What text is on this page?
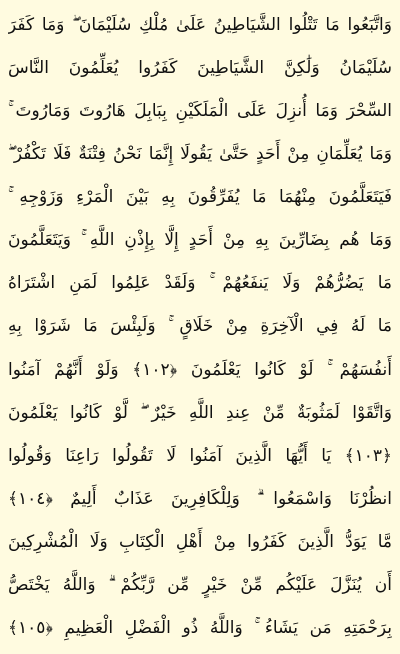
وَاتَّبَعُوا مَا تَتْلُوا الشَّيَاطِينُ عَلَىٰ مُلْكِ سُلَيْمَانَ ۖ وَمَا كَفَرَ
سُلَيْمَانُ وَلَٰكِنَّ الشَّيَاطِينَ كَفَرُوا يُعَلِّمُونَ النَّاسَ
السِّحْرَ وَمَا أُنزِلَ عَلَى الْمَلَكَيْنِ بِبَابِلَ هَارُوتَ وَمَارُوتَ ۚ
وَمَا يُعَلِّمَانِ مِنْ أَحَدٍ حَتَّىٰ يَقُولَا إِنَّمَا نَحْنُ فِتْنَةٌ فَلَا تَكْفُرْ ۖ
فَيَتَعَلَّمُونَ مِنْهُمَا مَا يُفَرِّقُونَ بِهِ بَيْنَ الْمَرْءِ وَزَوْجِهِ ۚ
وَمَا هُم بِضَارِّينَ بِهِ مِنْ أَحَدٍ إِلَّا بِإِذْنِ اللَّهِ ۚ وَيَتَعَلَّمُونَ
مَا يَضُرُّهُمْ وَلَا يَنفَعُهُمْ ۚ وَلَقَدْ عَلِمُوا لَمَنِ اشْتَرَاهُ
مَا لَهُ فِي الْآخِرَةِ مِنْ خَلَاقٍ ۚ وَلَبِئْسَ مَا شَرَوْا بِهِ
أَنفُسَهُمْ ۚ لَوْ كَانُوا يَعْلَمُونَ ﴿١٠٢﴾ وَلَوْ أَنَّهُمْ آمَنُوا
وَاتَّقَوْا لَمَثُوبَةٌ مِّنْ عِندِ اللَّهِ خَيْرٌ ۖ لَّوْ كَانُوا يَعْلَمُونَ
﴿١٠٣﴾ يَا أَيُّهَا الَّذِينَ آمَنُوا لَا تَقُولُوا رَاعِنَا وَقُولُوا
انظُرْنَا وَاسْمَعُوا ۗ وَلِلْكَافِرِينَ عَذَابٌ أَلِيمٌ ﴿١٠٤﴾
مَّا يَوَدُّ الَّذِينَ كَفَرُوا مِنْ أَهْلِ الْكِتَابِ وَلَا الْمُشْرِكِينَ
أَن يُنَزَّلَ عَلَيْكُم مِّنْ خَيْرٍ مِّن رَّبِّكُمْ ۗ وَاللَّهُ يَخْتَصُّ
بِرَحْمَتِهِ مَن يَشَاءُ ۚ وَاللَّهُ ذُو الْفَضْلِ الْعَظِيمِ ﴿١٠٥﴾
